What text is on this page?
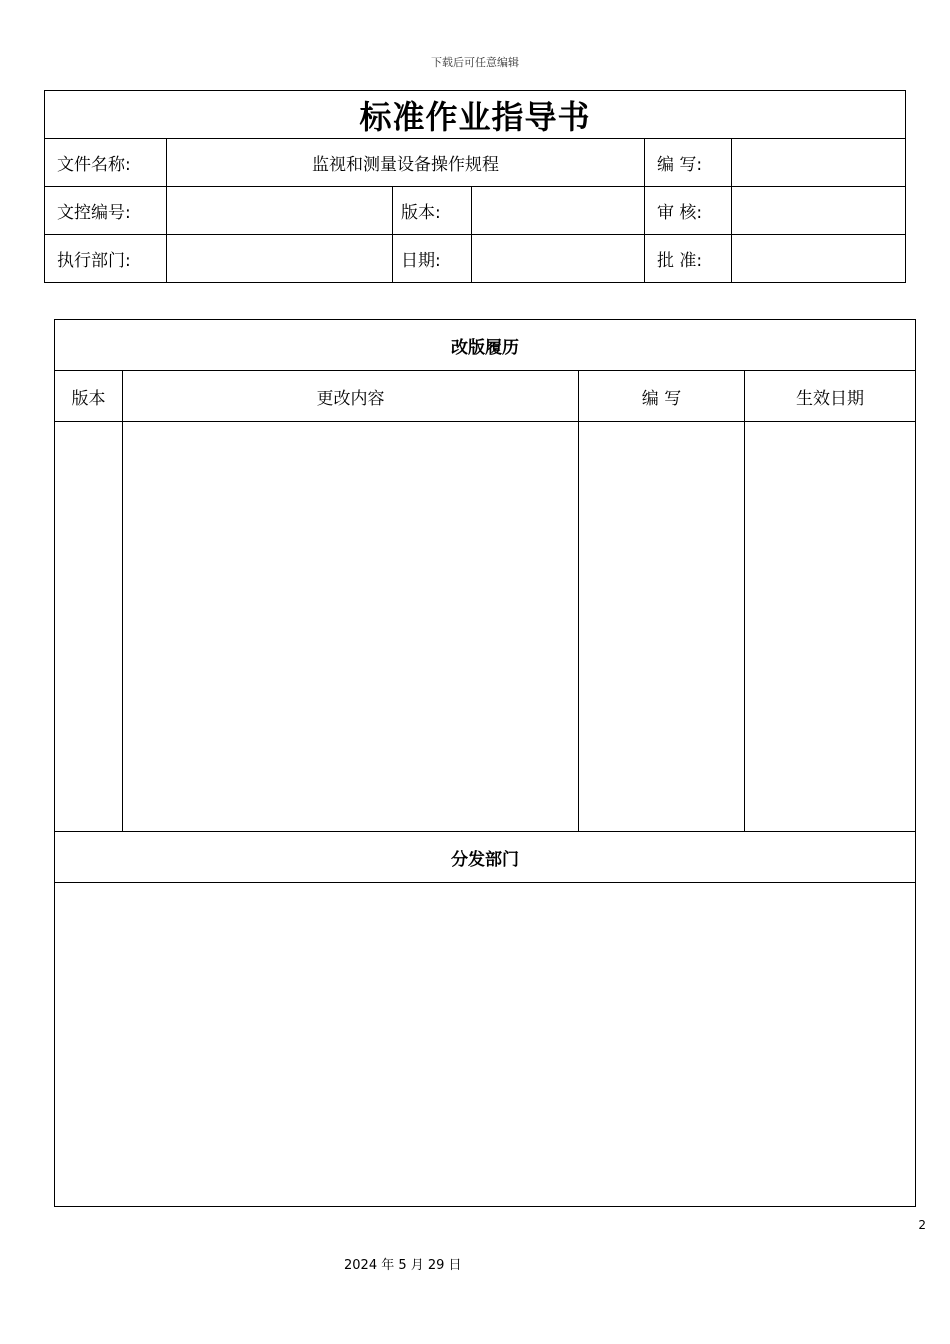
下载后可任意编辑
标准作业指导书					
文件名称:	监视和测量设备操作规程			编 写:	
文控编号:		版本:		审 核:	
执行部门:		日期:		批 准:	
改版履历			
版本	更改内容	编 写	生效日期

分发部门			

2
2024 年 5 月 29 日
